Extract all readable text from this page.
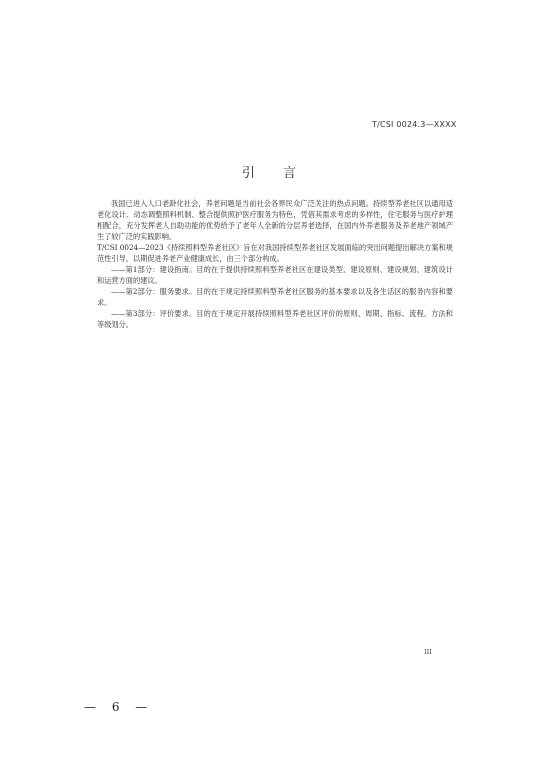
T/CSI 0024.3—XXXX
引 言

我国已进入人口老龄化社会，养老问题是当前社会各界民众广泛关注的热点问题。持续型养老社区以通用适老化设计、动态调整照料机制、整合提供照护医疗服务为特色，凭借其需求考虑的多样性，住宅服务与医疗护理相配合，充分发挥老人自助功能的优势给予了老年人全新的分层养老选择，在国内外养老服务及养老地产领域产生了较广泛的实践影响。

T/CSI 0024—2023《持续照料型养老社区》旨在对我国持续型养老社区发展面临的突出问题提出解决方案和规范性引导，以期促进养老产业健康成长，由三个部分构成。

——第1部分：建设指南。目的在于提供持续照料型养老社区在建设类型、建设原则、建设规划、建筑设计和运营方面的建议。

——第2部分：服务要求。目的在于规定持续照料型养老社区服务的基本要求以及各生活区的服务内容和要求。

——第3部分：评价要求。目的在于规定开展持续照料型养老社区评价的原则、周期、指标、流程、方法和等级划分。

III
— 6 —
